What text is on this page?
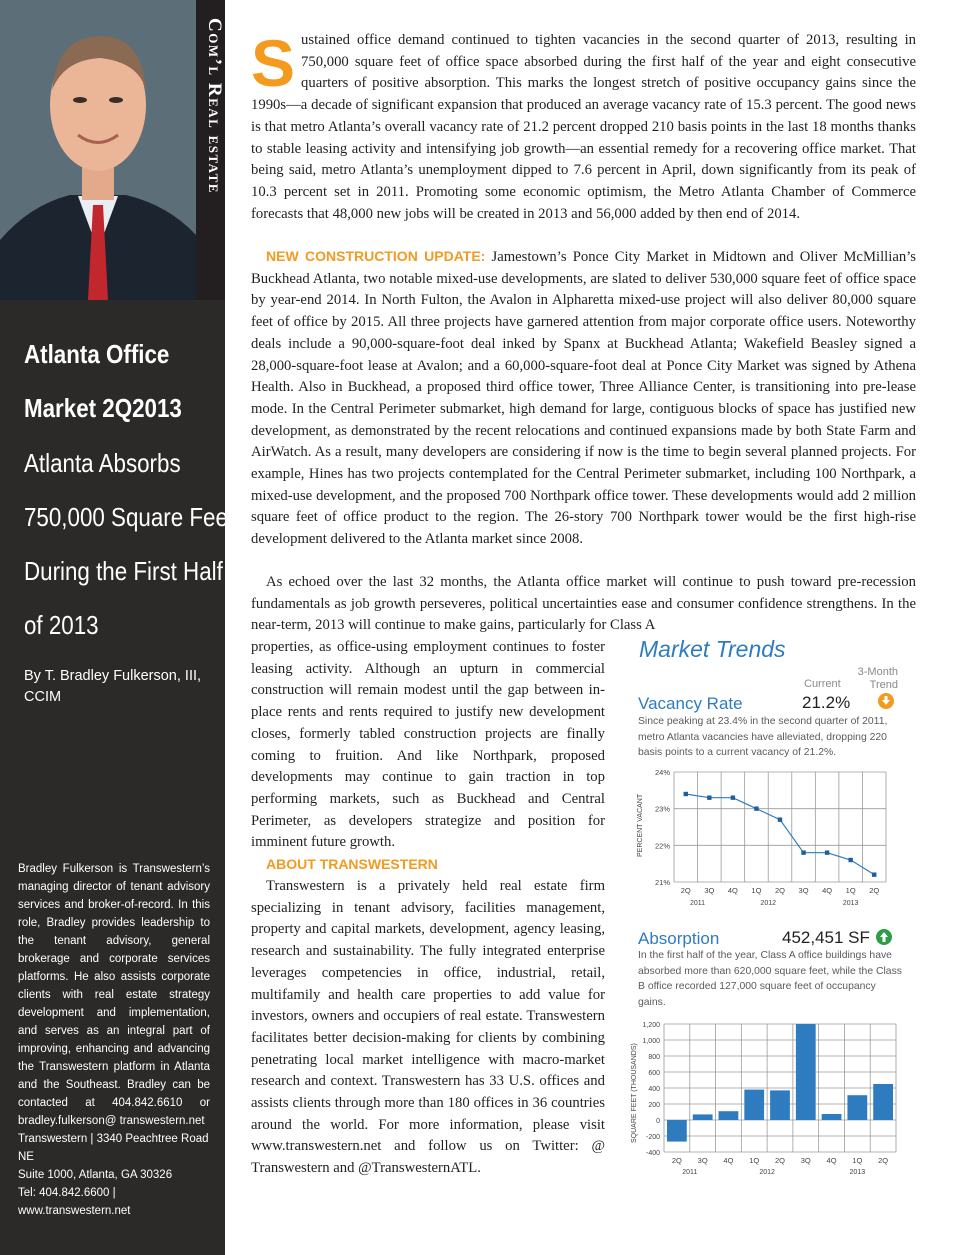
Com’l Real estate
Atlanta Office
Market 2Q2013
Atlanta Absorbs
750,000 Square Feet
During the First Half
of 2013
By T. Bradley Fulkerson, III, CCIM
Bradley Fulkerson is Transwestern’s managing director of tenant advisory services and broker-of-record. In this role, Bradley provides leadership to the tenant advisory, general brokerage and corporate services platforms. He also assists corporate clients with real estate strategy development and implementation, and serves as an integral part of improving, enhancing and advancing the Transwestern platform in Atlanta and the Southeast. Bradley can be contacted at 404.842.6610 or bradley.fulkerson@ transwestern.net
Transwestern | 3340 Peachtree Road NE
Suite 1000, Atlanta, GA 30326
Tel: 404.842.6600 | www.transwestern.net

Sustained office demand continued to tighten vacancies in the second quarter of 2013, resulting in 750,000 square feet of office space absorbed during the first half of the year and eight consecutive quarters of positive absorption. This marks the longest stretch of positive occupancy gains since the 1990s—a decade of significant expansion that produced an average vacancy rate of 15.3 percent. The good news is that metro Atlanta’s overall vacancy rate of 21.2 percent dropped 210 basis points in the last 18 months thanks to stable leasing activity and intensifying job growth—an essential remedy for a recovering office market. That being said, metro Atlanta’s unemployment dipped to 7.6 percent in April, down significantly from its peak of 10.3 percent set in 2011. Promoting some economic optimism, the Metro Atlanta Chamber of Commerce forecasts that 48,000 new jobs will be created in 2013 and 56,000 added by then end of 2014.

NEW CONSTRUCTION UPDATE: Jamestown’s Ponce City Market in Midtown and Oliver McMillian’s Buckhead Atlanta, two notable mixed-use developments, are slated to deliver 530,000 square feet of office space by year-end 2014. In North Fulton, the Avalon in Alpharetta mixed-use project will also deliver 80,000 square feet of office by 2015. All three projects have garnered attention from major corporate office users. Noteworthy deals include a 90,000-square-foot deal inked by Spanx at Buckhead Atlanta; Wakefield Beasley signed a 28,000-square-foot lease at Avalon; and a 60,000-square-foot deal at Ponce City Market was signed by Athena Health. Also in Buckhead, a proposed third office tower, Three Alliance Center, is transitioning into pre-lease mode. In the Central Perimeter submarket, high demand for large, contiguous blocks of space has justified new development, as demonstrated by the recent relocations and continued expansions made by both State Farm and AirWatch. As a result, many developers are considering if now is the time to begin several planned projects. For example, Hines has two projects contemplated for the Central Perimeter submarket, including 100 Northpark, a mixed-use development, and the proposed 700 Northpark office tower. These developments would add 2 million square feet of office product to the region. The 26-story 700 Northpark tower would be the first high-rise development delivered to the Atlanta market since 2008.

As echoed over the last 32 months, the Atlanta office market will continue to push toward pre-recession fundamentals as job growth perseveres, political uncertainties ease and consumer confidence strengthens. In the near-term, 2013 will continue to make gains, particularly for Class A

properties, as office-using employment continues to foster leasing activity. Although an upturn in commercial construction will remain modest until the gap between in-place rents and rents required to justify new development closes, formerly tabled construction projects are finally coming to fruition. And like Northpark, proposed developments may continue to gain traction in top performing markets, such as Buckhead and Central Perimeter, as developers strategize and position for imminent future growth.

ABOUT TRANSWESTERN

Transwestern is a privately held real estate firm specializing in tenant advisory, facilities management, property and capital markets, development, agency leasing, research and sustainability. The fully integrated enterprise leverages competencies in office, industrial, retail, multifamily and health care properties to add value for investors, owners and occupiers of real estate. Transwestern facilitates better decision-making for clients by combining penetrating local market intelligence with macro-market research and context. Transwestern has 33 U.S. offices and assists clients through more than 180 offices in 36 countries around the world. For more information, please visit www.transwestern.net and follow us on Twitter: @ Transwestern and @TranswesternATL.

Market Trends
3-Month
Trend
Current
Vacancy Rate	21.2%
Since peaking at 23.4% in the second quarter of 2011, metro Atlanta vacancies have alleviated, dropping 220 basis points to a current vacancy of 21.2%.
21%
22%
23%
24%
2Q 3Q 4Q 1Q 2Q 3Q 4Q 1Q 2Q
2011	2012	2013
PERCENT VACANT
Absorption	452,451 SF
In the first half of the year, Class A office buildings have absorbed more than 620,000 square feet, while the Class B office recorded 127,000 square feet of occupancy gains.
-400
-200
0
200
400
600
800
1,000
1,200
2Q 3Q 4Q 1Q 2Q 3Q 4Q 1Q 2Q
2011	2012	2013
SQUARE FEET (THOUSANDS)
